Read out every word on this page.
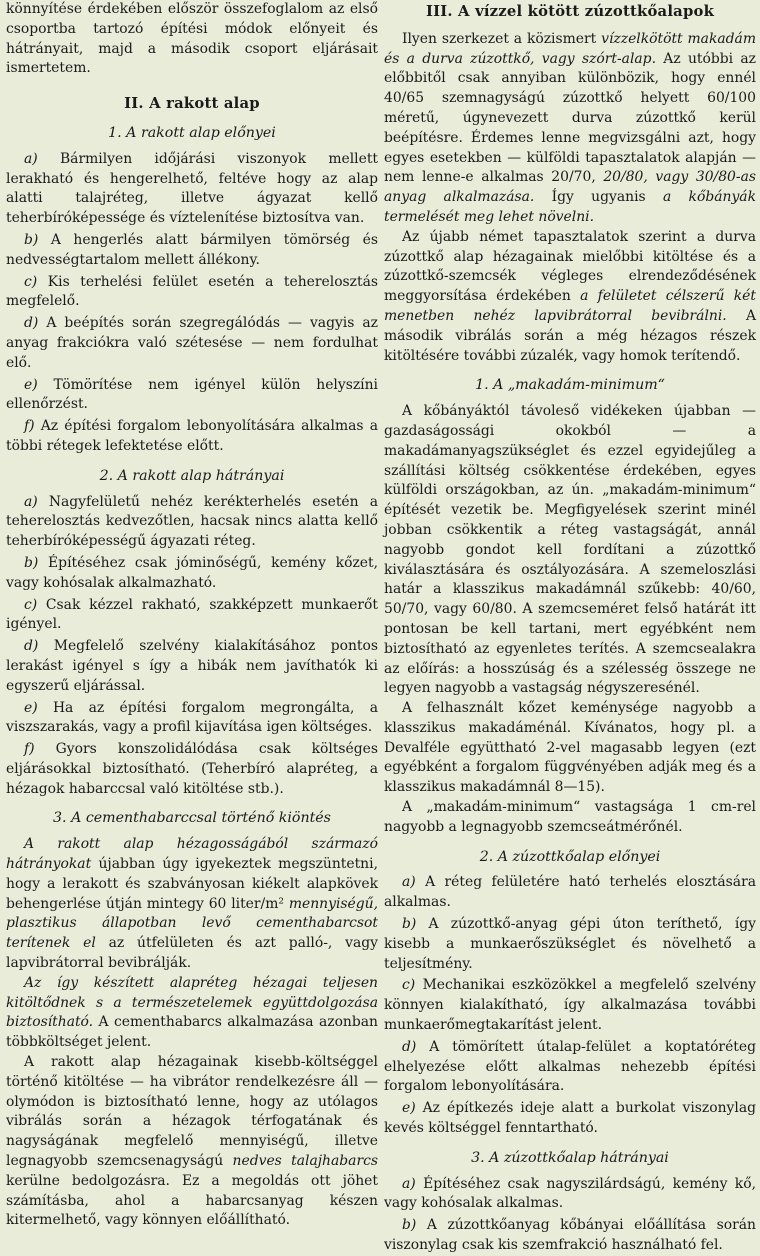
könnyítése érdekében először összefoglalom az első csoportba tartozó építési módok előnyeit és hátrányait, majd a második csoport eljárásait ismertetem.

II. A rakott alap
1. A rakott alap előnyei

a) Bármilyen időjárási viszonyok mellett lerakható és hengerelhető, feltéve hogy az alap alatti talajréteg, illetve ágyazat kellő teherbíróképessége és víztelenítése biztosítva van.

b) A hengerlés alatt bármilyen tömörség és nedvességtartalom mellett állékony.

c) Kis terhelési felület esetén a teherelosztás megfelelő.

d) A beépítés során szegregálódás — vagyis az anyag frakciókra való szétesése — nem fordulhat elő.

e) Tömörítése nem igényel külön helyszíni ellenőrzést.

f) Az építési forgalom lebonyolítására alkalmas a többi rétegek lefektetése előtt.

2. A rakott alap hátrányai

a) Nagyfelületű nehéz kerékterhelés esetén a teherelosztás kedvezőtlen, hacsak nincs alatta kellő teherbíróképességű ágyazati réteg.

b) Építéséhez csak jóminőségű, kemény kőzet, vagy kohósalak alkalmazható.

c) Csak kézzel rakható, szakképzett munkaerőt igényel.

d) Megfelelő szelvény kialakításához pontos lerakást igényel s így a hibák nem javíthatók ki egyszerű eljárással.

e) Ha az építési forgalom megrongálta, a viszszarakás, vagy a profil kijavítása igen költséges.

f) Gyors konszolidálódása csak költséges eljárásokkal biztosítható. (Teherbíró alapréteg, a hézagok habarccsal való kitöltése stb.).

3. A cementhabarccsal történő kiöntés

A rakott alap hézagosságából származó hátrányokat újabban úgy igyekeztek megszüntetni, hogy a lerakott és szabványosan kiékelt alapkövek behengerlése útján mintegy 60 liter/m² mennyiségű, plasztikus állapotban levő cementhabarcsot terítenek el az útfelületen és azt palló-, vagy lapvibrátorral bevibrálják.

Az így készített alapréteg hézagai teljesen kitöltődnek s a természetelemek együttdolgozása biztosítható. A cementhabarcs alkalmazása azonban többköltséget jelent.

A rakott alap hézagainak kisebb-költséggel történő kitöltése — ha vibrátor rendelkezésre áll — olymódon is biztosítható lenne, hogy az utólagos vibrálás során a hézagok térfogatának és nagyságának megfelelő mennyiségű, illetve legnagyobb szemcsenagyságú nedves talajhabarcs kerülne bedolgozásra. Ez a megoldás ott jöhet számításba, ahol a habarcsanyag készen kitermelhető, vagy könnyen előállítható.

III. A vízzel kötött zúzottkőalapok

Ilyen szerkezet a közismert vízzelkötött makadám és a durva zúzottkő, vagy szórt-alap. Az utóbbi az előbbitől csak annyiban különbözik, hogy ennél 40/65 szemnagyságú zúzottkő helyett 60/100 méretű, úgynevezett durva zúzottkő kerül beépítésre. Érdemes lenne megvizsgálni azt, hogy egyes esetekben — külföldi tapasztalatok alapján — nem lenne-e alkalmas 20/70, 20/80, vagy 30/80-as anyag alkalmazása. Így ugyanis a kőbányák termelését meg lehet növelni.

Az újabb német tapasztalatok szerint a durva zúzottkő alap hézagainak mielőbbi kitöltése és a zúzottkő-szemcsék végleges elrendeződésének meggyorsítása érdekében a felületet célszerű két menetben nehéz lapvibrátorral bevibrálni. A második vibrálás során a még hézagos részek kitöltésére további zúzalék, vagy homok terítendő.

1. A „makadám-minimum“

A kőbányáktól távoleső vidékeken újabban — gazdaságossági okokból — a makadámanyagszükséglet és ezzel egyidejűleg a szállítási költség csökkentése érdekében, egyes külföldi országokban, az ún. „makadám-minimum“ építését vezetik be. Megfigyelések szerint minél jobban csökkentik a réteg vastagságát, annál nagyobb gondot kell fordítani a zúzottkő kiválasztására és osztályozására. A szemeloszlási határ a klasszikus makadámnál szűkebb: 40/60, 50/70, vagy 60/80. A szemcseméret felső határát itt pontosan be kell tartani, mert egyébként nem biztosítható az egyenletes terítés. A szemcsealakra az előírás: a hosszúság és a szélesség összege ne legyen nagyobb a vastagság négyszeresénél.

A felhasznált kőzet keménysége nagyobb a klasszikus makadáménál. Kívánatos, hogy pl. a Devalféle együttható 2-vel magasabb legyen (ezt egyébként a forgalom függvényében adják meg és a klasszikus makadámnál 8—15).

A „makadám-minimum“ vastagsága 1 cm-rel nagyobb a legnagyobb szemcseátmérőnél.

2. A zúzottkőalap előnyei

a) A réteg felületére ható terhelés elosztására alkalmas.

b) A zúzottkő-anyag gépi úton teríthető, így kisebb a munkaerőszükséglet és növelhető a teljesítmény.

c) Mechanikai eszközökkel a megfelelő szelvény könnyen kialakítható, így alkalmazása további munkaerőmegtakarítást jelent.

d) A tömörített útalap-felület a koptatóréteg elhelyezése előtt alkalmas nehezebb építési forgalom lebonyolítására.

e) Az építkezés ideje alatt a burkolat viszonylag kevés költséggel fenntartható.

3. A zúzottkőalap hátrányai

a) Építéséhez csak nagyszilárdságú, kemény kő, vagy kohósalak alkalmas.

b) A zúzottkőanyag kőbányai előállítása során viszonylag csak kis szemfrakció használható fel.
